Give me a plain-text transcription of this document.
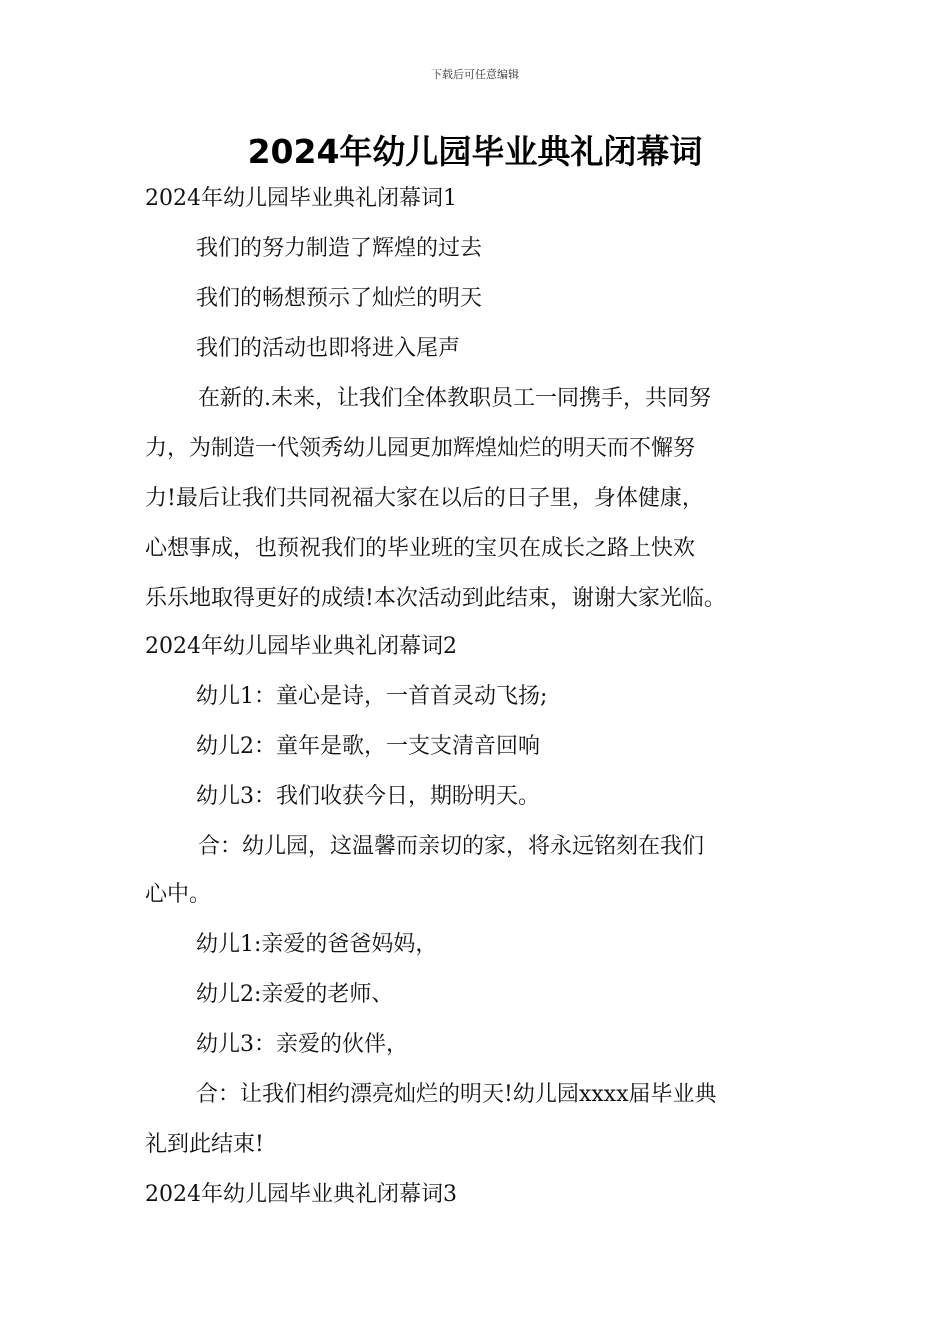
下载后可任意编辑
2024年幼儿园毕业典礼闭幕词
2024年幼儿园毕业典礼闭幕词1
我们的努力制造了辉煌的过去
我们的畅想预示了灿烂的明天
我们的活动也即将进入尾声
在新的.未来，让我们全体教职员工一同携手，共同努
力，为制造一代领秀幼儿园更加辉煌灿烂的明天而不懈努
力!最后让我们共同祝福大家在以后的日子里，身体健康，
心想事成，也预祝我们的毕业班的宝贝在成长之路上快欢
乐乐地取得更好的成绩!本次活动到此结束，谢谢大家光临。
2024年幼儿园毕业典礼闭幕词2
幼儿1：童心是诗，一首首灵动飞扬;
幼儿2：童年是歌，一支支清音回响
幼儿3：我们收获今日，期盼明天。
合：幼儿园，这温馨而亲切的家，将永远铭刻在我们
心中。
幼儿1:亲爱的爸爸妈妈，
幼儿2:亲爱的老师、
幼儿3：亲爱的伙伴，
合：让我们相约漂亮灿烂的明天!幼儿园xxxx届毕业典
礼到此结束!
2024年幼儿园毕业典礼闭幕词3
